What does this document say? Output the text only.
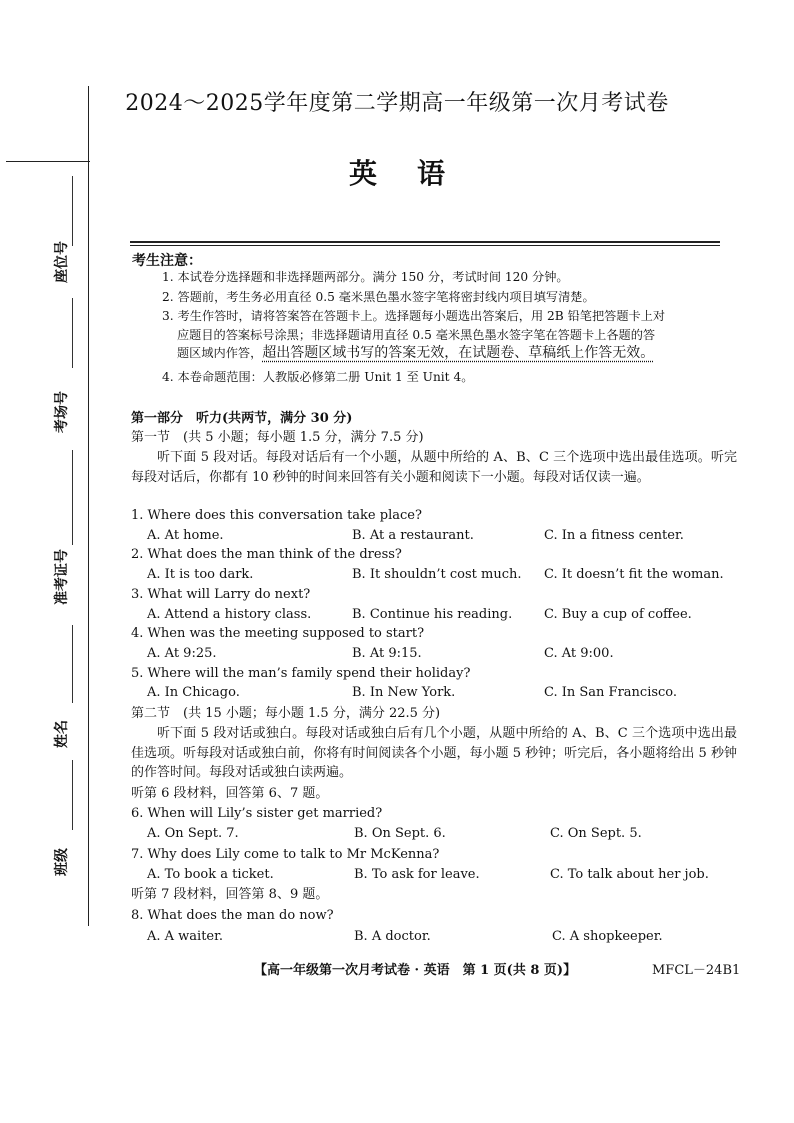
座位号
考场号
准考证号
姓名
班级
2024～2025学年度第二学期高一年级第一次月考试卷
英语
考生注意：
1. 本试卷分选择题和非选择题两部分。满分 150 分，考试时间 120 分钟。
2. 答题前，考生务必用直径 0.5 毫米黑色墨水签字笔将密封线内项目填写清楚。
3. 考生作答时，请将答案答在答题卡上。选择题每小题选出答案后，用 2B 铅笔把答题卡上对
应题目的答案标号涂黑；非选择题请用直径 0.5 毫米黑色墨水签字笔在答题卡上各题的答
题区域内作答，超出答题区域书写的答案无效，在试题卷、草稿纸上作答无效。
4. 本卷命题范围：人教版必修第二册 Unit 1 至 Unit 4。
第一部分　听力(共两节，满分 30 分)
第一节　(共 5 小题；每小题 1.5 分，满分 7.5 分)
听下面 5 段对话。每段对话后有一个小题，从题中所给的 A、B、C 三个选项中选出最佳选项。听完每段对话后，你都有 10 秒钟的时间来回答有关小题和阅读下一小题。每段对话仅读一遍。
1. Where does this conversation take place?
A. At home.	B. At a restaurant.	C. In a fitness center.
2. What does the man think of the dress?
A. It is too dark.	B. It shouldn’t cost much. C. It doesn’t fit the woman.
3. What will Larry do next?
A. Attend a history class.	B. Continue his reading. C. Buy a cup of coffee.
4. When was the meeting supposed to start?
A. At 9:25.	B. At 9:15.	C. At 9:00.
5. Where will the man’s family spend their holiday?
A. In Chicago.	B. In New York.	C. In San Francisco.
第二节　(共 15 小题；每小题 1.5 分，满分 22.5 分)
听下面 5 段对话或独白。每段对话或独白后有几个小题，从题中所给的 A、B、C 三个选项中选出最佳选项。听每段对话或独白前，你将有时间阅读各个小题，每小题 5 秒钟；听完后，各小题将给出 5 秒钟的作答时间。每段对话或独白读两遍。
听第 6 段材料，回答第 6、7 题。
6. When will Lily’s sister get married?
A. On Sept. 7.	B. On Sept. 6.	C. On Sept. 5.
7. Why does Lily come to talk to Mr McKenna?
A. To book a ticket.	B. To ask for leave.	C. To talk about her job.
听第 7 段材料，回答第 8、9 题。
8. What does the man do now?
A. A waiter.	B. A doctor.	C. A shopkeeper.
【高一年级第一次月考试卷 · 英语　第 1 页(共 8 页)】	MFCL－24B1
